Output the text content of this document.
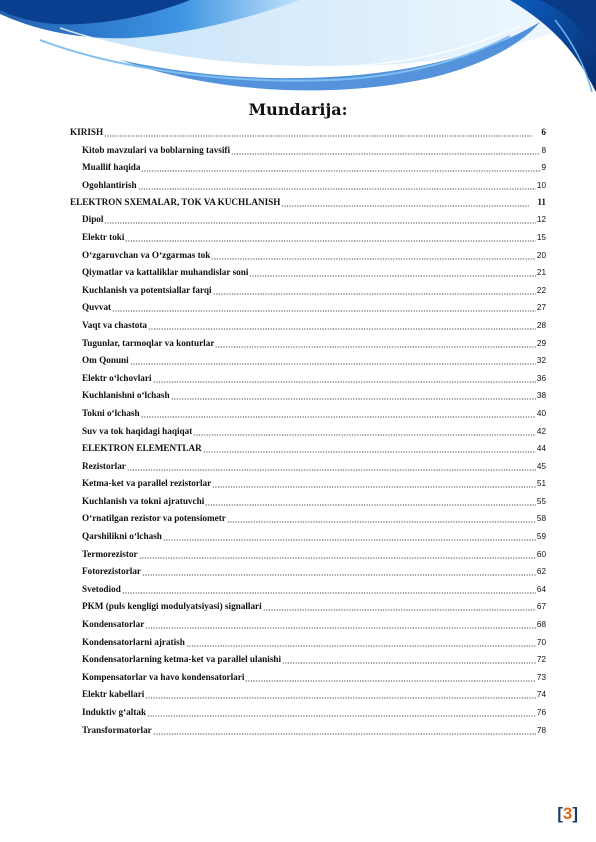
Mundarija:
KIRISH	6
Kitob mavzulari va boblarning tavsifi	8
Muallif haqida	9
Ogohlantirish	10
ELEKTRON SXEMALAR, TOK VA KUCHLANISH	11
Dipol	12
Elektr toki	15
O‘zgaruvchan va O‘zgarmas tok	20
Qiymatlar va kattaliklar muhandislar soni	21
Kuchlanish va potentsiallar farqi	22
Quvvat	27
Vaqt va chastota	28
Tugunlar, tarmoqlar va konturlar	29
Om Qonuni	32
Elektr o‘lchovlari	36
Kuchlanishni o‘lchash	38
Tokni o‘lchash	40
Suv va tok haqidagi haqiqat	42
ELEKTRON ELEMENTLAR	44
Rezistorlar	45
Ketma-ket va parallel rezistorlar	51
Kuchlanish va tokni ajratuvchi	55
O‘rnatilgan rezistor va potensiometr	58
Qarshilikni o‘lchash	59
Termorezistor	60
Fotorezistorlar	62
Svetodiod	64
PKM (puls kengligi modulyatsiyasi) signallari	67
Kondensatorlar	68
Kondensatorlarni ajratish	70
Kondensatorlarning ketma-ket va parallel ulanishi	72
Kompensatorlar va havo kondensatorlari	73
Elektr kabellari	74
Induktiv g‘altak	76
Transformatorlar	78
[3]
